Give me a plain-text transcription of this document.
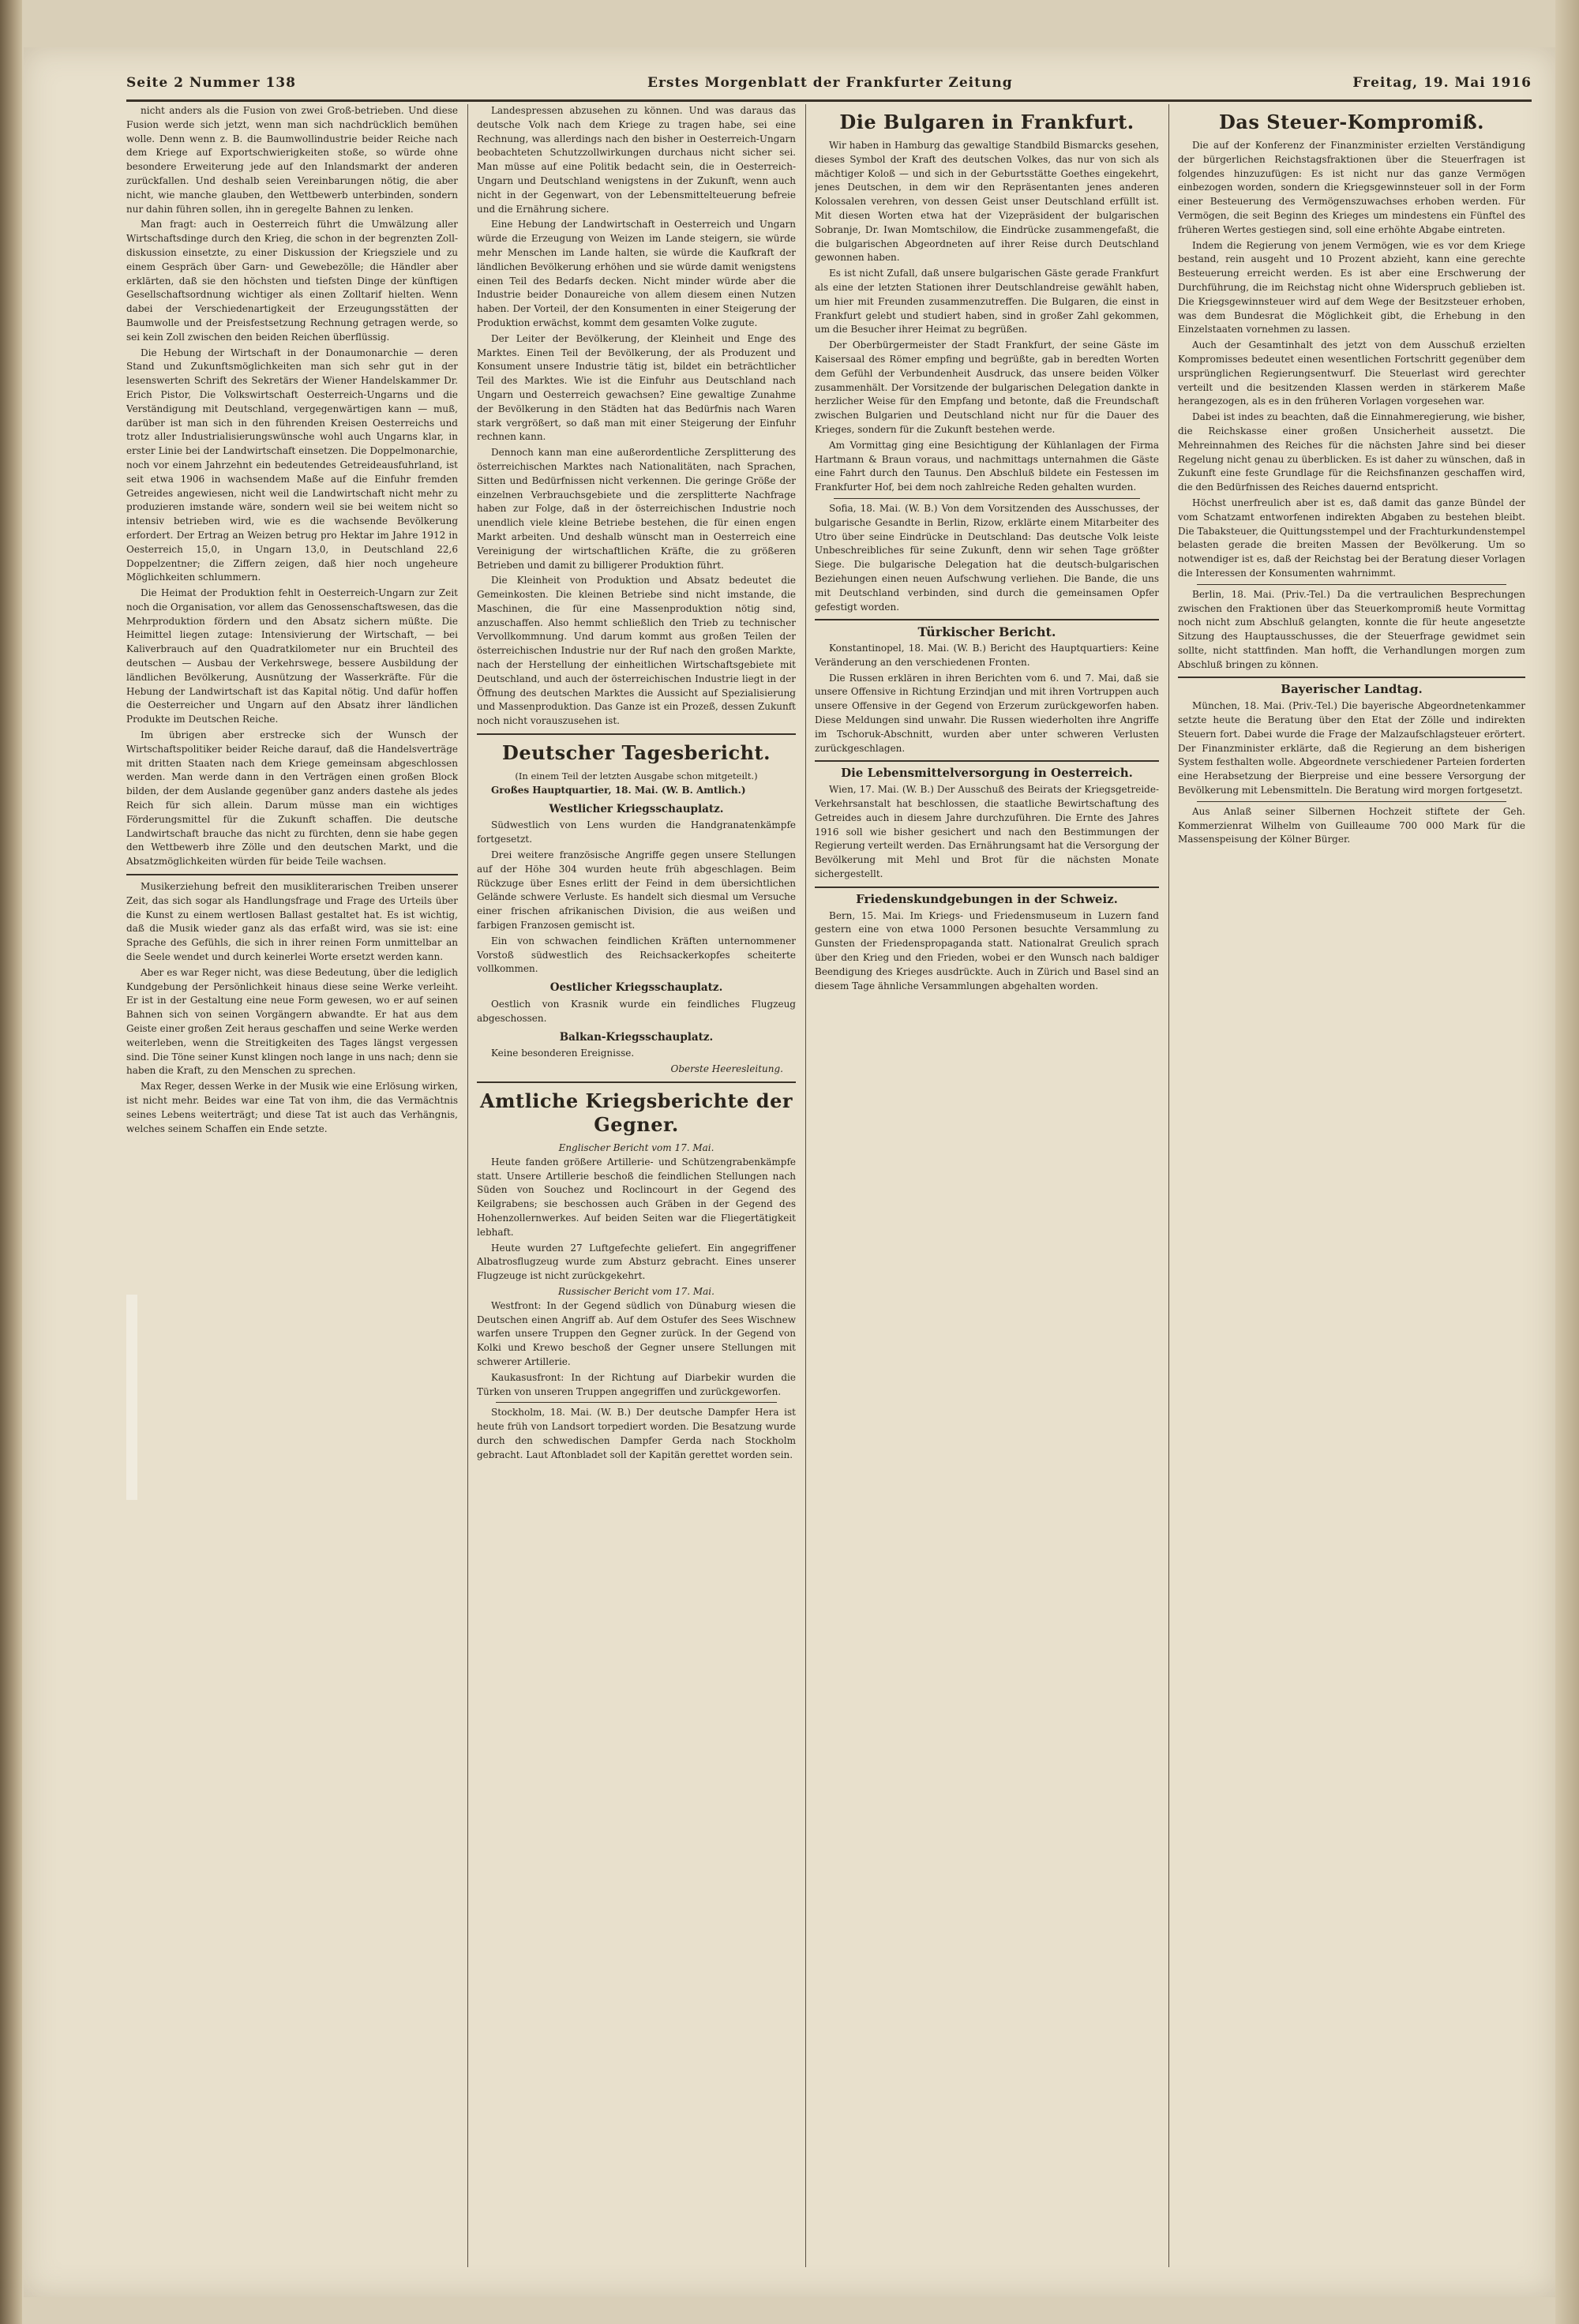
Seite 2 Nummer 138	Erstes Morgenblatt der Frankfurter Zeitung	Freitag, 19. Mai 1916

nicht anders als die Fusion von zwei Groß-betrieben. Und diese Fusion werde sich jetzt, wenn man sich nachdrücklich bemühen wolle. Denn wenn z. B. die Baumwollindustrie beider Reiche nach dem Kriege auf Exportschwierigkeiten stoße, so würde ohne besondere Erweiterung jede auf den Inlandsmarkt der anderen zurückfallen. Und deshalb seien Vereinbarungen nötig, die aber nicht, wie manche glauben, den Wettbewerb unterbinden, sondern nur dahin führen sollen, ihn in geregelte Bahnen zu lenken.

Man fragt: auch in Oesterreich führt die Umwälzung aller Wirtschaftsdinge durch den Krieg, die schon in der begrenzten Zoll-diskussion einsetzte, zu einer Diskussion der Kriegsziele und zu einem Gespräch über Garn- und Gewebezölle; die Händler aber erklärten, daß sie den höchsten und tiefsten Dinge der künftigen Gesellschaftsordnung wichtiger als einen Zolltarif hielten. Wenn dabei der Verschiedenartigkeit der Erzeugungsstätten der Baumwolle und der Preisfestsetzung Rechnung getragen werde, so sei kein Zoll zwischen den beiden Reichen überflüssig.

Die Hebung der Wirtschaft in der Donaumonarchie — deren Stand und Zukunftsmöglichkeiten man sich sehr gut in der lesenswerten Schrift des Sekretärs der Wiener Handelskammer Dr. Erich Pistor, Die Volkswirtschaft Oesterreich-Ungarns und die Verständigung mit Deutschland, vergegenwärtigen kann — muß, darüber ist man sich in den führenden Kreisen Oesterreichs und trotz aller Industrialisierungswünsche wohl auch Ungarns klar, in erster Linie bei der Landwirtschaft einsetzen. Die Doppelmonarchie, noch vor einem Jahrzehnt ein bedeutendes Getreideausfuhrland, ist seit etwa 1906 in wachsendem Maße auf die Einfuhr fremden Getreides angewiesen, nicht weil die Landwirtschaft nicht mehr zu produzieren imstande wäre, sondern weil sie bei weitem nicht so intensiv betrieben wird, wie es die wachsende Bevölkerung erfordert. Der Ertrag an Weizen betrug pro Hektar im Jahre 1912 in Oesterreich 15,0, in Ungarn 13,0, in Deutschland 22,6 Doppelzentner; die Ziffern zeigen, daß hier noch ungeheure Möglichkeiten schlummern.

Die Heimat der Produktion fehlt in Oesterreich-Ungarn zur Zeit noch die Organisation, vor allem das Genossenschaftswesen, das die Mehrproduktion fördern und den Absatz sichern müßte. Die Heimittel liegen zutage: Intensivierung der Wirtschaft, — bei Kaliverbrauch auf den Quadratkilometer nur ein Bruchteil des deutschen — Ausbau der Verkehrswege, bessere Ausbildung der ländlichen Bevölkerung, Ausnützung der Wasserkräfte. Für die Hebung der Landwirtschaft ist das Kapital nötig. Und dafür hoffen die Oesterreicher und Ungarn auf den Absatz ihrer ländlichen Produkte im Deutschen Reiche.

Im übrigen aber erstrecke sich der Wunsch der Wirtschaftspolitiker beider Reiche darauf, daß die Handelsverträge mit dritten Staaten nach dem Kriege gemeinsam abgeschlossen werden. Man werde dann in den Verträgen einen großen Block bilden, der dem Auslande gegenüber ganz anders dastehe als jedes Reich für sich allein. Darum müsse man ein wichtiges Förderungsmittel für die Zukunft schaffen. Die deutsche Landwirtschaft brauche das nicht zu fürchten, denn sie habe gegen den Wettbewerb ihre Zölle und den deutschen Markt, und die Absatzmöglichkeiten würden für beide Teile wachsen.

Musikerziehung befreit den musikliterarischen Treiben unserer Zeit, das sich sogar als Handlungsfrage und Frage des Urteils über die Kunst zu einem wertlosen Ballast gestaltet hat. Es ist wichtig, daß die Musik wieder ganz als das erfaßt wird, was sie ist: eine Sprache des Gefühls, die sich in ihrer reinen Form unmittelbar an die Seele wendet und durch keinerlei Worte ersetzt werden kann.

Aber es war Reger nicht, was diese Bedeutung, über die lediglich Kundgebung der Persönlichkeit hinaus diese seine Werke verleiht. Er ist in der Gestaltung eine neue Form gewesen, wo er auf seinen Bahnen sich von seinen Vorgängern abwandte. Er hat aus dem Geiste einer großen Zeit heraus geschaffen und seine Werke werden weiterleben, wenn die Streitigkeiten des Tages längst vergessen sind. Die Töne seiner Kunst klingen noch lange in uns nach; denn sie haben die Kraft, zu den Menschen zu sprechen.

Max Reger, dessen Werke in der Musik wie eine Erlösung wirken, ist nicht mehr. Beides war eine Tat von ihm, die das Vermächtnis seines Lebens weiterträgt; und diese Tat ist auch das Verhängnis, welches seinem Schaffen ein Ende setzte.

Landespressen abzusehen zu können. Und was daraus das deutsche Volk nach dem Kriege zu tragen habe, sei eine Rechnung, was allerdings nach den bisher in Oesterreich-Ungarn beobachteten Schutzzollwirkungen durchaus nicht sicher sei. Man müsse auf eine Politik bedacht sein, die in Oesterreich-Ungarn und Deutschland wenigstens in der Zukunft, wenn auch nicht in der Gegenwart, von der Lebensmittelteuerung befreie und die Ernährung sichere.

Eine Hebung der Landwirtschaft in Oesterreich und Ungarn würde die Erzeugung von Weizen im Lande steigern, sie würde mehr Menschen im Lande halten, sie würde die Kaufkraft der ländlichen Bevölkerung erhöhen und sie würde damit wenigstens einen Teil des Bedarfs decken. Nicht minder würde aber die Industrie beider Donaureiche von allem diesem einen Nutzen haben. Der Vorteil, der den Konsumenten in einer Steigerung der Produktion erwächst, kommt dem gesamten Volke zugute.

Der Leiter der Bevölkerung, der Kleinheit und Enge des Marktes. Einen Teil der Bevölkerung, der als Produzent und Konsument unsere Industrie tätig ist, bildet ein beträchtlicher Teil des Marktes. Wie ist die Einfuhr aus Deutschland nach Ungarn und Oesterreich gewachsen? Eine gewaltige Zunahme der Bevölkerung in den Städten hat das Bedürfnis nach Waren stark vergrößert, so daß man mit einer Steigerung der Einfuhr rechnen kann.

Dennoch kann man eine außerordentliche Zersplitterung des österreichischen Marktes nach Nationalitäten, nach Sprachen, Sitten und Bedürfnissen nicht verkennen. Die geringe Größe der einzelnen Verbrauchsgebiete und die zersplitterte Nachfrage haben zur Folge, daß in der österreichischen Industrie noch unendlich viele kleine Betriebe bestehen, die für einen engen Markt arbeiten. Und deshalb wünscht man in Oesterreich eine Vereinigung der wirtschaftlichen Kräfte, die zu größeren Betrieben und damit zu billigerer Produktion führt.

Die Kleinheit von Produktion und Absatz bedeutet die Gemeinkosten. Die kleinen Betriebe sind nicht imstande, die Maschinen, die für eine Massenproduktion nötig sind, anzuschaffen. Also hemmt schließlich den Trieb zu technischer Vervollkommnung. Und darum kommt aus großen Teilen der österreichischen Industrie nur der Ruf nach den großen Markte, nach der Herstellung der einheitlichen Wirtschaftsgebiete mit Deutschland, und auch der österreichischen Industrie liegt in der Öffnung des deutschen Marktes die Aussicht auf Spezialisierung und Massenproduktion. Das Ganze ist ein Prozeß, dessen Zukunft noch nicht vorauszusehen ist.

Deutscher Tagesbericht.
(In einem Teil der letzten Ausgabe schon mitgeteilt.)

Großes Hauptquartier, 18. Mai. (W. B. Amtlich.)

Westlicher Kriegsschauplatz.

Südwestlich von Lens wurden die Handgranatenkämpfe fortgesetzt.

Drei weitere französische Angriffe gegen unsere Stellungen auf der Höhe 304 wurden heute früh abgeschlagen. Beim Rückzuge über Esnes erlitt der Feind in dem übersichtlichen Gelände schwere Verluste. Es handelt sich diesmal um Versuche einer frischen afrikanischen Division, die aus weißen und farbigen Franzosen gemischt ist.

Ein von schwachen feindlichen Kräften unternommener Vorstoß südwestlich des Reichsackerkopfes scheiterte vollkommen.

Oestlicher Kriegsschauplatz.

Oestlich von Krasnik wurde ein feindliches Flugzeug abgeschossen.

Balkan-Kriegsschauplatz.

Keine besonderen Ereignisse.

Oberste Heeresleitung.
Amtliche Kriegsberichte der Gegner.
Englischer Bericht vom 17. Mai.

Heute fanden größere Artillerie- und Schützengrabenkämpfe statt. Unsere Artillerie beschoß die feindlichen Stellungen nach Süden von Souchez und Roclincourt in der Gegend des Keilgrabens; sie beschossen auch Gräben in der Gegend des Hohenzollernwerkes. Auf beiden Seiten war die Fliegertätigkeit lebhaft.

Heute wurden 27 Luftgefechte geliefert. Ein angegriffener Albatrosflugzeug wurde zum Absturz gebracht. Eines unserer Flugzeuge ist nicht zurückgekehrt.

Russischer Bericht vom 17. Mai.

Westfront: In der Gegend südlich von Dünaburg wiesen die Deutschen einen Angriff ab. Auf dem Ostufer des Sees Wischnew warfen unsere Truppen den Gegner zurück. In der Gegend von Kolki und Krewo beschoß der Gegner unsere Stellungen mit schwerer Artillerie.

Kaukasusfront: In der Richtung auf Diarbekir wurden die Türken von unseren Truppen angegriffen und zurückgeworfen.

Stockholm, 18. Mai. (W. B.) Der deutsche Dampfer Hera ist heute früh von Landsort torpediert worden. Die Besatzung wurde durch den schwedischen Dampfer Gerda nach Stockholm gebracht. Laut Aftonbladet soll der Kapitän gerettet worden sein.

Die Bulgaren in Frankfurt.

Wir haben in Hamburg das gewaltige Standbild Bismarcks gesehen, dieses Symbol der Kraft des deutschen Volkes, das nur von sich als mächtiger Koloß — und sich in der Geburtsstätte Goethes eingekehrt, jenes Deutschen, in dem wir den Repräsentanten jenes anderen Kolossalen verehren, von dessen Geist unser Deutschland erfüllt ist. Mit diesen Worten etwa hat der Vizepräsident der bulgarischen Sobranje, Dr. Iwan Momtschilow, die Eindrücke zusammengefaßt, die die bulgarischen Abgeordneten auf ihrer Reise durch Deutschland gewonnen haben.

Es ist nicht Zufall, daß unsere bulgarischen Gäste gerade Frankfurt als eine der letzten Stationen ihrer Deutschlandreise gewählt haben, um hier mit Freunden zusammenzutreffen. Die Bulgaren, die einst in Frankfurt gelebt und studiert haben, sind in großer Zahl gekommen, um die Besucher ihrer Heimat zu begrüßen.

Der Oberbürgermeister der Stadt Frankfurt, der seine Gäste im Kaisersaal des Römer empfing und begrüßte, gab in beredten Worten dem Gefühl der Verbundenheit Ausdruck, das unsere beiden Völker zusammenhält. Der Vorsitzende der bulgarischen Delegation dankte in herzlicher Weise für den Empfang und betonte, daß die Freundschaft zwischen Bulgarien und Deutschland nicht nur für die Dauer des Krieges, sondern für die Zukunft bestehen werde.

Am Vormittag ging eine Besichtigung der Kühlanlagen der Firma Hartmann & Braun voraus, und nachmittags unternahmen die Gäste eine Fahrt durch den Taunus. Den Abschluß bildete ein Festessen im Frankfurter Hof, bei dem noch zahlreiche Reden gehalten wurden.

Sofia, 18. Mai. (W. B.) Von dem Vorsitzenden des Ausschusses, der bulgarische Gesandte in Berlin, Rizow, erklärte einem Mitarbeiter des Utro über seine Eindrücke in Deutschland: Das deutsche Volk leiste Unbeschreibliches für seine Zukunft, denn wir sehen Tage größter Siege. Die bulgarische Delegation hat die deutsch-bulgarischen Beziehungen einen neuen Aufschwung verliehen. Die Bande, die uns mit Deutschland verbinden, sind durch die gemeinsamen Opfer gefestigt worden.

Türkischer Bericht.

Konstantinopel, 18. Mai. (W. B.) Bericht des Hauptquartiers: Keine Veränderung an den verschiedenen Fronten.

Die Russen erklären in ihren Berichten vom 6. und 7. Mai, daß sie unsere Offensive in Richtung Erzindjan und mit ihren Vortruppen auch unsere Offensive in der Gegend von Erzerum zurückgeworfen haben. Diese Meldungen sind unwahr. Die Russen wiederholten ihre Angriffe im Tschoruk-Abschnitt, wurden aber unter schweren Verlusten zurückgeschlagen.

Die Lebensmittelversorgung in Oesterreich.

Wien, 17. Mai. (W. B.) Der Ausschuß des Beirats der Kriegsgetreide-Verkehrsanstalt hat beschlossen, die staatliche Bewirtschaftung des Getreides auch in diesem Jahre durchzuführen. Die Ernte des Jahres 1916 soll wie bisher gesichert und nach den Bestimmungen der Regierung verteilt werden. Das Ernährungsamt hat die Versorgung der Bevölkerung mit Mehl und Brot für die nächsten Monate sichergestellt.

Friedenskundgebungen in der Schweiz.

Bern, 15. Mai. Im Kriegs- und Friedensmuseum in Luzern fand gestern eine von etwa 1000 Personen besuchte Versammlung zu Gunsten der Friedenspropaganda statt. Nationalrat Greulich sprach über den Krieg und den Frieden, wobei er den Wunsch nach baldiger Beendigung des Krieges ausdrückte. Auch in Zürich und Basel sind an diesem Tage ähnliche Versammlungen abgehalten worden.

Das Steuer-Kompromiß.

Die auf der Konferenz der Finanzminister erzielten Verständigung der bürgerlichen Reichstagsfraktionen über die Steuerfragen ist folgendes hinzuzufügen: Es ist nicht nur das ganze Vermögen einbezogen worden, sondern die Kriegsgewinnsteuer soll in der Form einer Besteuerung des Vermögenszuwachses erhoben werden. Für Vermögen, die seit Beginn des Krieges um mindestens ein Fünftel des früheren Wertes gestiegen sind, soll eine erhöhte Abgabe eintreten.

Indem die Regierung von jenem Vermögen, wie es vor dem Kriege bestand, rein ausgeht und 10 Prozent abzieht, kann eine gerechte Besteuerung erreicht werden. Es ist aber eine Erschwerung der Durchführung, die im Reichstag nicht ohne Widerspruch geblieben ist. Die Kriegsgewinnsteuer wird auf dem Wege der Besitzsteuer erhoben, was dem Bundesrat die Möglichkeit gibt, die Erhebung in den Einzelstaaten vornehmen zu lassen.

Auch der Gesamtinhalt des jetzt von dem Ausschuß erzielten Kompromisses bedeutet einen wesentlichen Fortschritt gegenüber dem ursprünglichen Regierungsentwurf. Die Steuerlast wird gerechter verteilt und die besitzenden Klassen werden in stärkerem Maße herangezogen, als es in den früheren Vorlagen vorgesehen war.

Dabei ist indes zu beachten, daß die Einnahmeregierung, wie bisher, die Reichskasse einer großen Unsicherheit aussetzt. Die Mehreinnahmen des Reiches für die nächsten Jahre sind bei dieser Regelung nicht genau zu überblicken. Es ist daher zu wünschen, daß in Zukunft eine feste Grundlage für die Reichsfinanzen geschaffen wird, die den Bedürfnissen des Reiches dauernd entspricht.

Höchst unerfreulich aber ist es, daß damit das ganze Bündel der vom Schatzamt entworfenen indirekten Abgaben zu bestehen bleibt. Die Tabaksteuer, die Quittungsstempel und der Frachturkundenstempel belasten gerade die breiten Massen der Bevölkerung. Um so notwendiger ist es, daß der Reichstag bei der Beratung dieser Vorlagen die Interessen der Konsumenten wahrnimmt.

Berlin, 18. Mai. (Priv.-Tel.) Da die vertraulichen Besprechungen zwischen den Fraktionen über das Steuerkompromiß heute Vormittag noch nicht zum Abschluß gelangten, konnte die für heute angesetzte Sitzung des Hauptausschusses, die der Steuerfrage gewidmet sein sollte, nicht stattfinden. Man hofft, die Verhandlungen morgen zum Abschluß bringen zu können.

Bayerischer Landtag.

München, 18. Mai. (Priv.-Tel.) Die bayerische Abgeordnetenkammer setzte heute die Beratung über den Etat der Zölle und indirekten Steuern fort. Dabei wurde die Frage der Malzaufschlagsteuer erörtert. Der Finanzminister erklärte, daß die Regierung an dem bisherigen System festhalten wolle. Abgeordnete verschiedener Parteien forderten eine Herabsetzung der Bierpreise und eine bessere Versorgung der Bevölkerung mit Lebensmitteln. Die Beratung wird morgen fortgesetzt.

Aus Anlaß seiner Silbernen Hochzeit stiftete der Geh. Kommerzienrat Wilhelm von Guilleaume 700 000 Mark für die Massenspeisung der Kölner Bürger.
